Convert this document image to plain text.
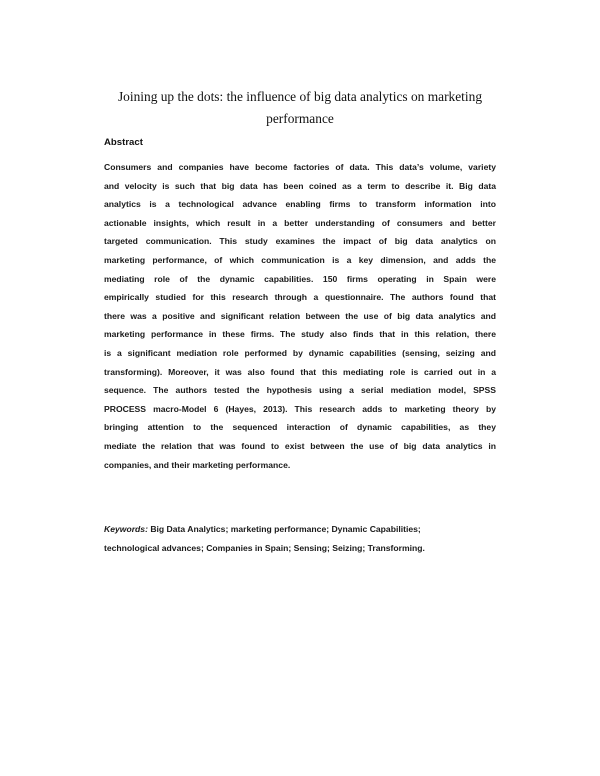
Joining up the dots: the influence of big data analytics on marketing
performance
Abstract
Consumers and companies have become factories of data. This data’s volume, variety
and velocity is such that big data has been coined as a term to describe it. Big data
analytics is a technological advance enabling firms to transform information into
actionable insights, which result in a better understanding of consumers and better
targeted communication. This study examines the impact of big data analytics on
marketing performance, of which communication is a key dimension, and adds the
mediating role of the dynamic capabilities. 150 firms operating in Spain were
empirically studied for this research through a questionnaire. The authors found that
there was a positive and significant relation between the use of big data analytics and
marketing performance in these firms. The study also finds that in this relation, there
is a significant mediation role performed by dynamic capabilities (sensing, seizing and
transforming). Moreover, it was also found that this mediating role is carried out in a
sequence. The authors tested the hypothesis using a serial mediation model, SPSS
PROCESS macro-Model 6 (Hayes, 2013). This research adds to marketing theory by
bringing attention to the sequenced interaction of dynamic capabilities, as they
mediate the relation that was found to exist between the use of big data analytics in
companies, and their marketing performance.
Keywords: Big Data Analytics; marketing performance; Dynamic Capabilities;
technological advances; Companies in Spain; Sensing; Seizing; Transforming.
